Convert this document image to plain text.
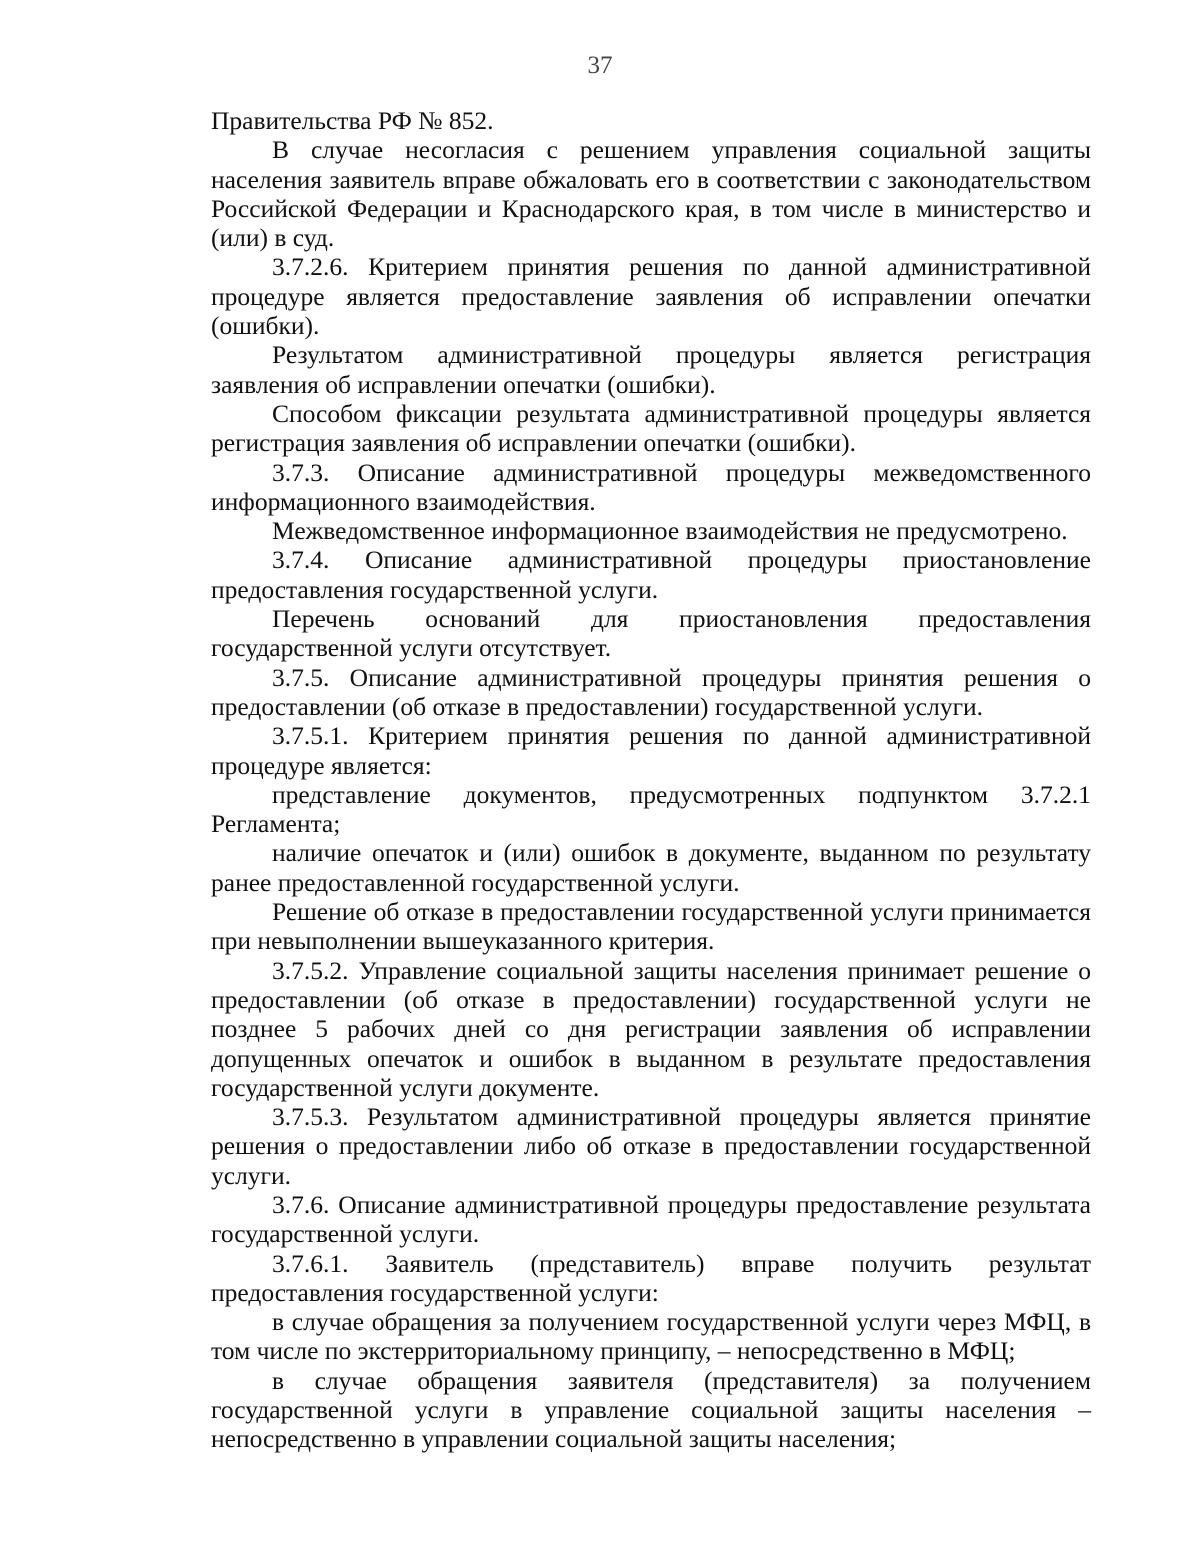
37

Правительства РФ № 852.

В случае несогласия с решением управления социальной защиты населения заявитель вправе обжаловать его в соответствии с законодательством Российской Федерации и Краснодарского края, в том числе в министерство и (или) в суд.

3.7.2.6. Критерием принятия решения по данной административной процедуре является предоставление заявления об исправлении опечатки (ошибки).

Результатом административной процедуры является регистрация заявления об исправлении опечатки (ошибки).

Способом фиксации результата административной процедуры является регистрация заявления об исправлении опечатки (ошибки).

3.7.3. Описание административной процедуры межведомственного информационного взаимодействия.

Межведомственное информационное взаимодействия не предусмотрено.

3.7.4. Описание административной процедуры приостановление предоставления государственной услуги.

Перечень оснований для приостановления предоставления государственной услуги отсутствует.

3.7.5. Описание административной процедуры принятия решения о предоставлении (об отказе в предоставлении) государственной услуги.

3.7.5.1. Критерием принятия решения по данной административной процедуре является:

представление документов, предусмотренных подпунктом 3.7.2.1 Регламента;

наличие опечаток и (или) ошибок в документе, выданном по результату ранее предоставленной государственной услуги.

Решение об отказе в предоставлении государственной услуги принимается при невыполнении вышеуказанного критерия.

3.7.5.2. Управление социальной защиты населения принимает решение о предоставлении (об отказе в предоставлении) государственной услуги не позднее 5 рабочих дней со дня регистрации заявления об исправлении допущенных опечаток и ошибок в выданном в результате предоставления государственной услуги документе.

3.7.5.3. Результатом административной процедуры является принятие решения о предоставлении либо об отказе в предоставлении государственной услуги.

3.7.6. Описание административной процедуры предоставление результата государственной услуги.

3.7.6.1. Заявитель (представитель) вправе получить результат предоставления государственной услуги:

в случае обращения за получением государственной услуги через МФЦ, в том числе по экстерриториальному принципу, – непосредственно в МФЦ;

в случае обращения заявителя (представителя) за получением государственной услуги в управление социальной защиты населения – непосредственно в управлении социальной защиты населения;
